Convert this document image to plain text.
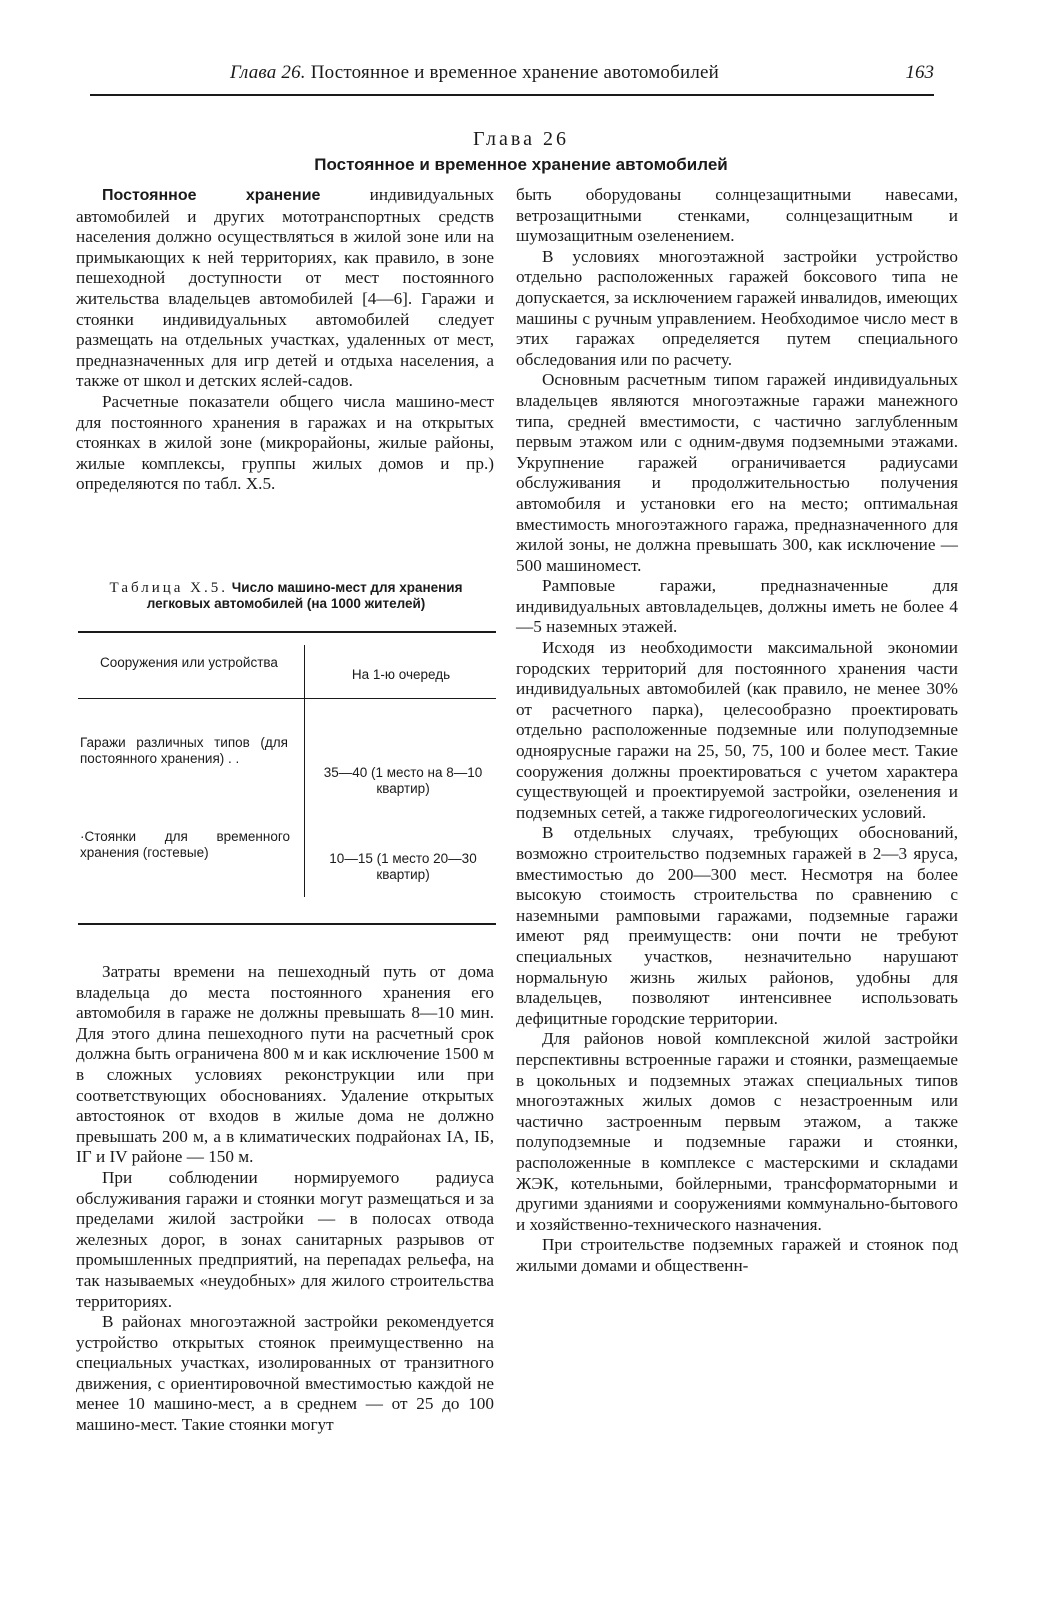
Глава 26. Постоянное и временное хранение авотомобилей	163
Глава 26
Постоянное и временное хранение автомобилей

Постоянное хранение индивидуальных автомобилей и других мототранспортных средств населения должно осуществляться в жилой зоне или на примыкающих к ней территориях, как правило, в зоне пешеходной доступности от мест постоянного жительства владельцев автомобилей [4—6]. Гаражи и стоянки индивидуальных автомобилей следует размещать на отдельных участках, удаленных от мест, предназначенных для игр детей и отдыха населения, а также от школ и детских яслей-садов.

Расчетные показатели общего числа машино-мест для постоянного хранения в гаражах и на открытых стоянках в жилой зоне (микрорайоны, жилые районы, жилые комплексы, группы жилых домов и пр.) определяются по табл. Х.5.

Таблица Х.5. Число машино-мест для хранения легковых автомобилей (на 1000 жителей)
Сооружения или устройства
На 1-ю очередь
Гаражи различных типов (для постоянного хранения) . .
35—40 (1 место на 8—10 квартир)
·Стоянки для временного хранения (гостевые)	10—15 (1 место 20—30 квартир)

Затраты времени на пешеходный путь от дома владельца до места постоянного хранения его автомобиля в гараже не должны превышать 8—10 мин. Для этого длина пешеходного пути на расчетный срок должна быть ограничена 800 м и как исключение 1500 м в сложных условиях реконструкции или при соответствующих обоснованиях. Удаление открытых автостоянок от входов в жилые дома не должно превышать 200 м, а в климатических подрайонах IA, IБ, IГ и IV районе — 150 м.

При соблюдении нормируемого радиуса обслуживания гаражи и стоянки могут размещаться и за пределами жилой застройки — в полосах отвода железных дорог, в зонах санитарных разрывов от промышленных предприятий, на перепадах рельефа, на так называемых «неудобных» для жилого строительства территориях.

В районах многоэтажной застройки рекомендуется устройство открытых стоянок преимущественно на специальных участках, изолированных от транзитного движения, с ориентировочной вместимостью каждой не менее 10 машино-мест, а в среднем — от 25 до 100 машино-мест. Такие стоянки могут

быть оборудованы солнцезащитными навесами, ветрозащитными стенками, солнцезащитным и шумозащитным озеленением.

В условиях многоэтажной застройки устройство отдельно расположенных гаражей боксового типа не допускается, за исключением гаражей инвалидов, имеющих машины с ручным управлением. Необходимое число мест в этих гаражах определяется путем специального обследования или по расчету.

Основным расчетным типом гаражей индивидуальных владельцев являются многоэтажные гаражи манежного типа, средней вместимости, с частично заглубленным первым этажом или с одним-двумя подземными этажами. Укрупнение гаражей ограничивается радиусами обслуживания и продолжительностью получения автомобиля и установки его на место; оптимальная вместимость многоэтажного гаража, предназначенного для жилой зоны, не должна превышать 300, как исключение — 500 машиномест.

Рамповые гаражи, предназначенные для индивидуальных автовладельцев, должны иметь не более 4—5 наземных этажей.

Исходя из необходимости максимальной экономии городских территорий для постоянного хранения части индивидуальных автомобилей (как правило, не менее 30% от расчетного парка), целесообразно проектировать отдельно расположенные подземные или полуподземные одноярусные гаражи на 25, 50, 75, 100 и более мест. Такие сооружения должны проектироваться с учетом характера существующей и проектируемой застройки, озеленения и подземных сетей, а также гидрогеологических условий.

В отдельных случаях, требующих обоснований, возможно строительство подземных гаражей в 2—3 яруса, вместимостью до 200—300 мест. Несмотря на более высокую стоимость строительства по сравнению с наземными рамповыми гаражами, подземные гаражи имеют ряд преимуществ: они почти не требуют специальных участков, незначительно нарушают нормальную жизнь жилых районов, удобны для владельцев, позволяют интенсивнее использовать дефицитные городские территории.

Для районов новой комплексной жилой застройки перспективны встроенные гаражи и стоянки, размещаемые в цокольных и подземных этажах специальных типов многоэтажных жилых домов с незастроенным или частично застроенным первым этажом, а также полуподземные и подземные гаражи и стоянки, расположенные в комплексе с мастерскими и складами ЖЭК, котельными, бойлерными, трансформаторными и другими зданиями и сооружениями коммунально-бытового и хозяйственно-технического назначения.

При строительстве подземных гаражей и стоянок под жилыми домами и общественн-
